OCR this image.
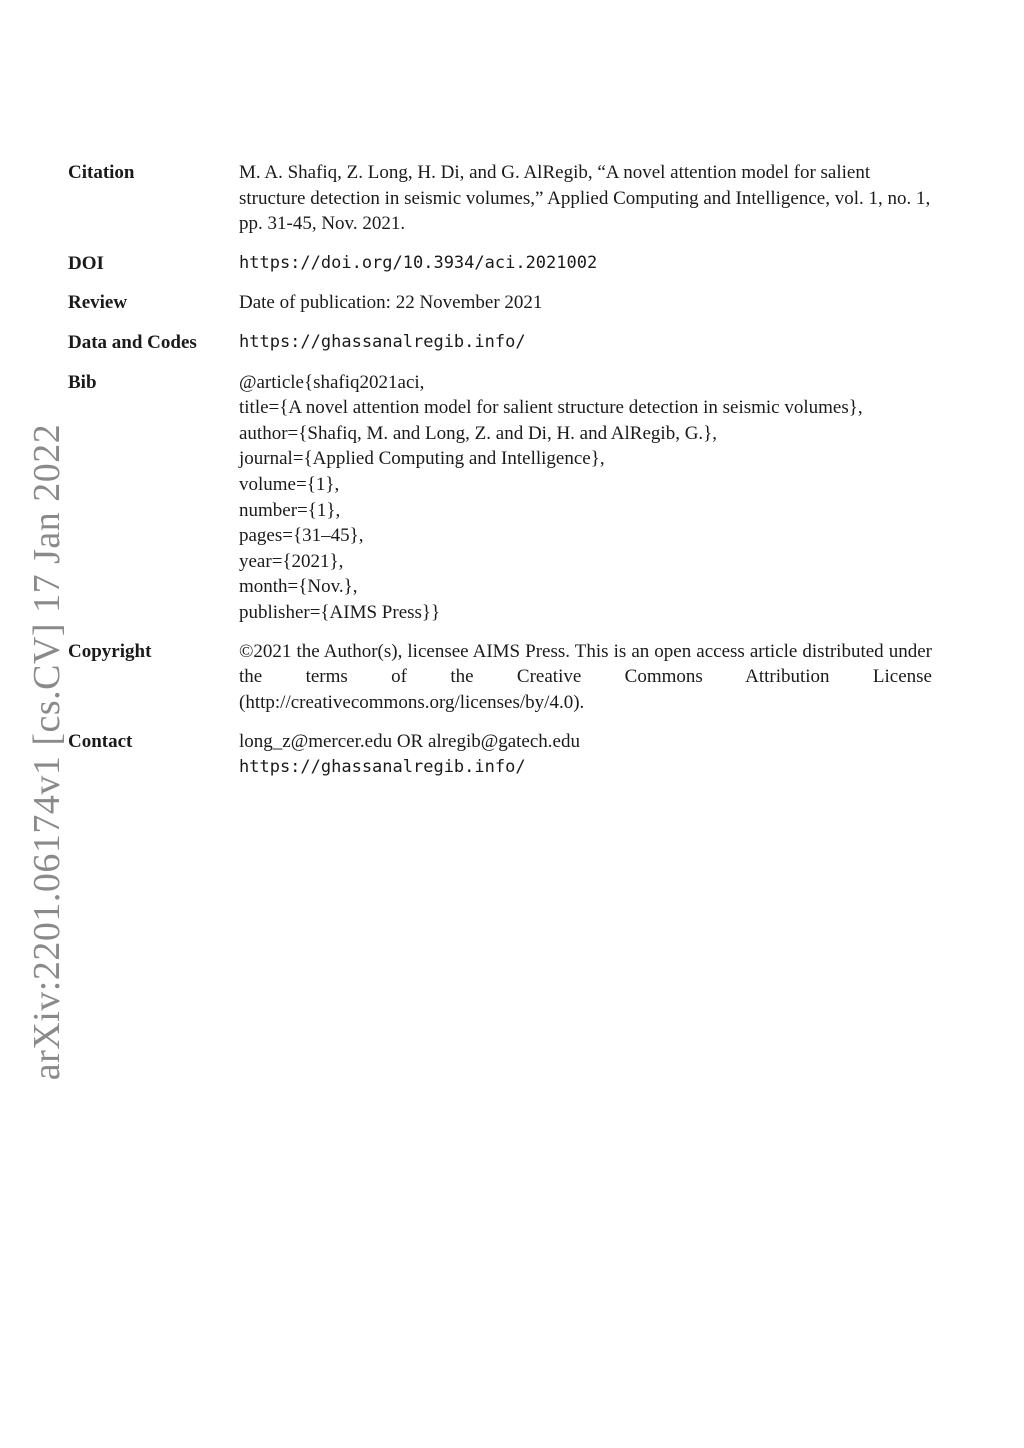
arXiv:2201.06174v1 [cs.CV] 17 Jan 2022
Citation	M. A. Shafiq, Z. Long, H. Di, and G. AlRegib, “A novel attention model for salient structure detection in seismic volumes,” Applied Computing and Intelligence, vol. 1, no. 1, pp. 31-45, Nov. 2021.
DOI	https://doi.org/10.3934/aci.2021002
Review	Date of publication: 22 November 2021
Data and Codes	https://ghassanalregib.info/
Bib	@article{shafiq2021aci,
title={A novel attention model for salient structure detection in seismic volumes},
author={Shafiq, M. and Long, Z. and Di, H. and AlRegib, G.},
journal={Applied Computing and Intelligence},
volume={1},
number={1},
pages={31–45},
year={2021},
month={Nov.},
publisher={AIMS Press}}
Copyright	©2021 the Author(s), licensee AIMS Press. This is an open access article distributed under the terms of the Creative Commons Attribution License (http://creativecommons.org/licenses/by/4.0).
Contact	long_z@mercer.edu OR alregib@gatech.edu
https://ghassanalregib.info/
